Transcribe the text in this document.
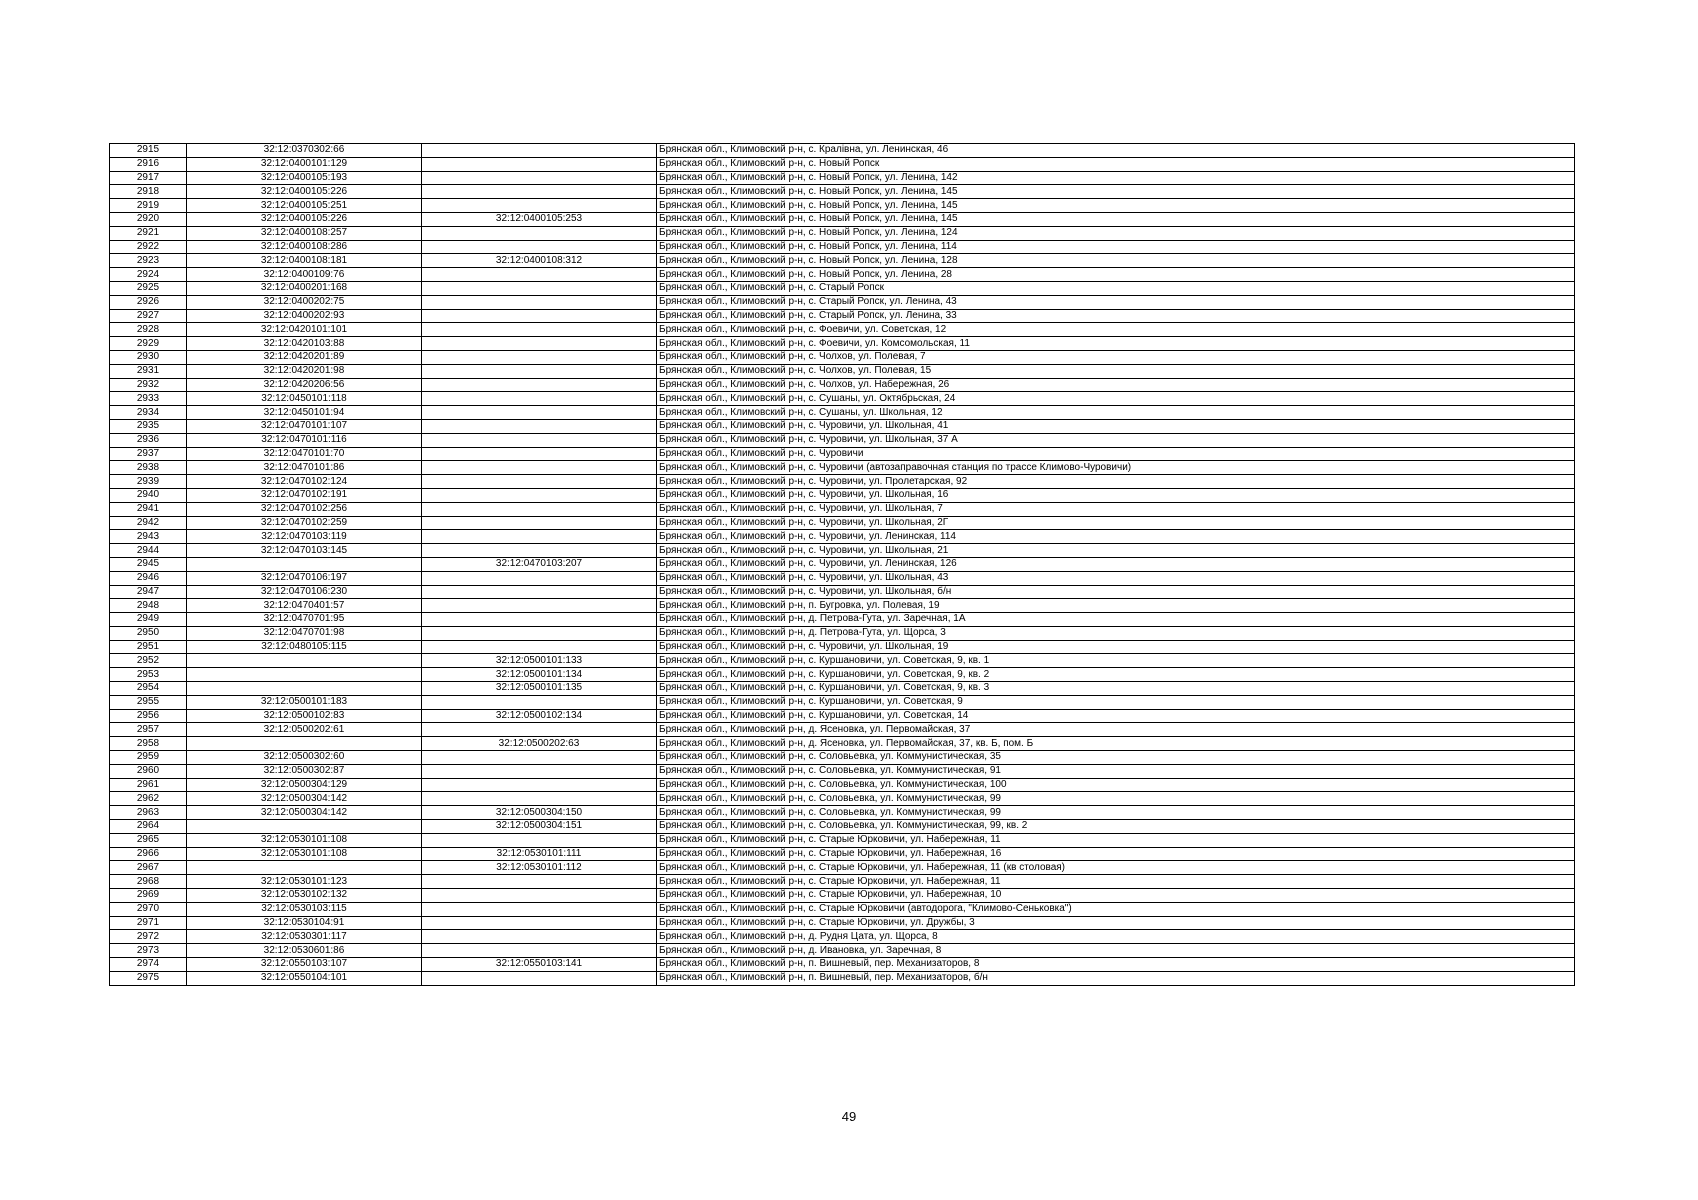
2915	32:12:0370302:66		Брянская обл., Климовский р-н, с. Кралівна, ул. Ленинская, 46
2916	32:12:0400101:129		Брянская обл., Климовский р-н, с. Новый Ропск
2917	32:12:0400105:193		Брянская обл., Климовский р-н, с. Новый Ропск, ул. Ленина, 142
2918	32:12:0400105:226		Брянская обл., Климовский р-н, с. Новый Ропск, ул. Ленина, 145
2919	32:12:0400105:251		Брянская обл., Климовский р-н, с. Новый Ропск, ул. Ленина, 145
2920	32:12:0400105:226	32:12:0400105:253	Брянская обл., Климовский р-н, с. Новый Ропск, ул. Ленина, 145
2921	32:12:0400108:257		Брянская обл., Климовский р-н, с. Новый Ропск, ул. Ленина, 124
2922	32:12:0400108:286		Брянская обл., Климовский р-н, с. Новый Ропск, ул. Ленина, 114
2923	32:12:0400108:181	32:12:0400108:312	Брянская обл., Климовский р-н, с. Новый Ропск, ул. Ленина, 128
2924	32:12:0400109:76		Брянская обл., Климовский р-н, с. Новый Ропск, ул. Ленина, 28
2925	32:12:0400201:168		Брянская обл., Климовский р-н, с. Старый Ропск
2926	32:12:0400202:75		Брянская обл., Климовский р-н, с. Старый Ропск, ул. Ленина, 43
2927	32:12:0400202:93		Брянская обл., Климовский р-н, с. Старый Ропск, ул. Ленина, 33
2928	32:12:0420101:101		Брянская обл., Климовский р-н, с. Фоевичи, ул. Советская, 12
2929	32:12:0420103:88		Брянская обл., Климовский р-н, с. Фоевичи, ул. Комсомольская, 11
2930	32:12:0420201:89		Брянская обл., Климовский р-н, с. Чолхов, ул. Полевая, 7
2931	32:12:0420201:98		Брянская обл., Климовский р-н, с. Чолхов, ул. Полевая, 15
2932	32:12:0420206:56		Брянская обл., Климовский р-н, с. Чолхов, ул. Набережная, 26
2933	32:12:0450101:118		Брянская обл., Климовский р-н, с. Сушаны, ул. Октябрьская, 24
2934	32:12:0450101:94		Брянская обл., Климовский р-н, с. Сушаны, ул. Школьная, 12
2935	32:12:0470101:107		Брянская обл., Климовский р-н, с. Чуровичи, ул. Школьная, 41
2936	32:12:0470101:116		Брянская обл., Климовский р-н, с. Чуровичи, ул. Школьная, 37 А
2937	32:12:0470101:70		Брянская обл., Климовский р-н, с. Чуровичи
2938	32:12:0470101:86		Брянская обл., Климовский р-н, с. Чуровичи (автозаправочная станция по трассе Климово-Чуровичи)
2939	32:12:0470102:124		Брянская обл., Климовский р-н, с. Чуровичи, ул. Пролетарская, 92
2940	32:12:0470102:191		Брянская обл., Климовский р-н, с. Чуровичи, ул. Школьная, 16
2941	32:12:0470102:256		Брянская обл., Климовский р-н, с. Чуровичи, ул. Школьная, 7
2942	32:12:0470102:259		Брянская обл., Климовский р-н, с. Чуровичи, ул. Школьная, 2Г
2943	32:12:0470103:119		Брянская обл., Климовский р-н, с. Чуровичи, ул. Ленинская, 114
2944	32:12:0470103:145		Брянская обл., Климовский р-н, с. Чуровичи, ул. Школьная, 21
2945		32:12:0470103:207	Брянская обл., Климовский р-н, с. Чуровичи, ул. Ленинская, 126
2946	32:12:0470106:197		Брянская обл., Климовский р-н, с. Чуровичи, ул. Школьная, 43
2947	32:12:0470106:230		Брянская обл., Климовский р-н, с. Чуровичи, ул. Школьная, б/н
2948	32:12:0470401:57		Брянская обл., Климовский р-н, п. Бугровка, ул. Полевая, 19
2949	32:12:0470701:95		Брянская обл., Климовский р-н, д. Петрова-Гута, ул. Заречная, 1А
2950	32:12:0470701:98		Брянская обл., Климовский р-н, д. Петрова-Гута, ул. Щорса, 3
2951	32:12:0480105:115		Брянская обл., Климовский р-н, с. Чуровичи, ул. Школьная, 19
2952		32:12:0500101:133	Брянская обл., Климовский р-н, с. Куршановичи, ул. Советская, 9, кв. 1
2953		32:12:0500101:134	Брянская обл., Климовский р-н, с. Куршановичи, ул. Советская, 9, кв. 2
2954		32:12:0500101:135	Брянская обл., Климовский р-н, с. Куршановичи, ул. Советская, 9, кв. 3
2955	32:12:0500101:183		Брянская обл., Климовский р-н, с. Куршановичи, ул. Советская, 9
2956	32:12:0500102:83	32:12:0500102:134	Брянская обл., Климовский р-н, с. Куршановичи, ул. Советская, 14
2957	32:12:0500202:61		Брянская обл., Климовский р-н, д. Ясеновка, ул. Первомайская, 37
2958		32:12:0500202:63	Брянская обл., Климовский р-н, д. Ясеновка, ул. Первомайская, 37, кв. Б, пом. Б
2959	32:12:0500302:60		Брянская обл., Климовский р-н, с. Соловьевка, ул. Коммунистическая, 35
2960	32:12:0500302:87		Брянская обл., Климовский р-н, с. Соловьевка, ул. Коммунистическая, 91
2961	32:12:0500304:129		Брянская обл., Климовский р-н, с. Соловьевка, ул. Коммунистическая, 100
2962	32:12:0500304:142		Брянская обл., Климовский р-н, с. Соловьевка, ул. Коммунистическая, 99
2963	32:12:0500304:142	32:12:0500304:150	Брянская обл., Климовский р-н, с. Соловьевка, ул. Коммунистическая, 99
2964		32:12:0500304:151	Брянская обл., Климовский р-н, с. Соловьевка, ул. Коммунистическая, 99, кв. 2
2965	32:12:0530101:108		Брянская обл., Климовский р-н, с. Старые Юрковичи, ул. Набережная, 11
2966	32:12:0530101:108	32:12:0530101:111	Брянская обл., Климовский р-н, с. Старые Юрковичи, ул. Набережная, 16
2967		32:12:0530101:112	Брянская обл., Климовский р-н, с. Старые Юрковичи, ул. Набережная, 11 (кв столовая)
2968	32:12:0530101:123		Брянская обл., Климовский р-н, с. Старые Юрковичи, ул. Набережная, 11
2969	32:12:0530102:132		Брянская обл., Климовский р-н, с. Старые Юрковичи, ул. Набережная, 10
2970	32:12:0530103:115		Брянская обл., Климовский р-н, с. Старые Юрковичи (автодорога, "Климово-Сеньковка")
2971	32:12:0530104:91		Брянская обл., Климовский р-н, с. Старые Юрковичи, ул. Дружбы, 3
2972	32:12:0530301:117		Брянская обл., Климовский р-н, д. Рудня Цата, ул. Щорса, 8
2973	32:12:0530601:86		Брянская обл., Климовский р-н, д. Ивановка, ул. Заречная, 8
2974	32:12:0550103:107	32:12:0550103:141	Брянская обл., Климовский р-н, п. Вишневый, пер. Механизаторов, 8
2975	32:12:0550104:101		Брянская обл., Климовский р-н, п. Вишневый, пер. Механизаторов, б/н
49
